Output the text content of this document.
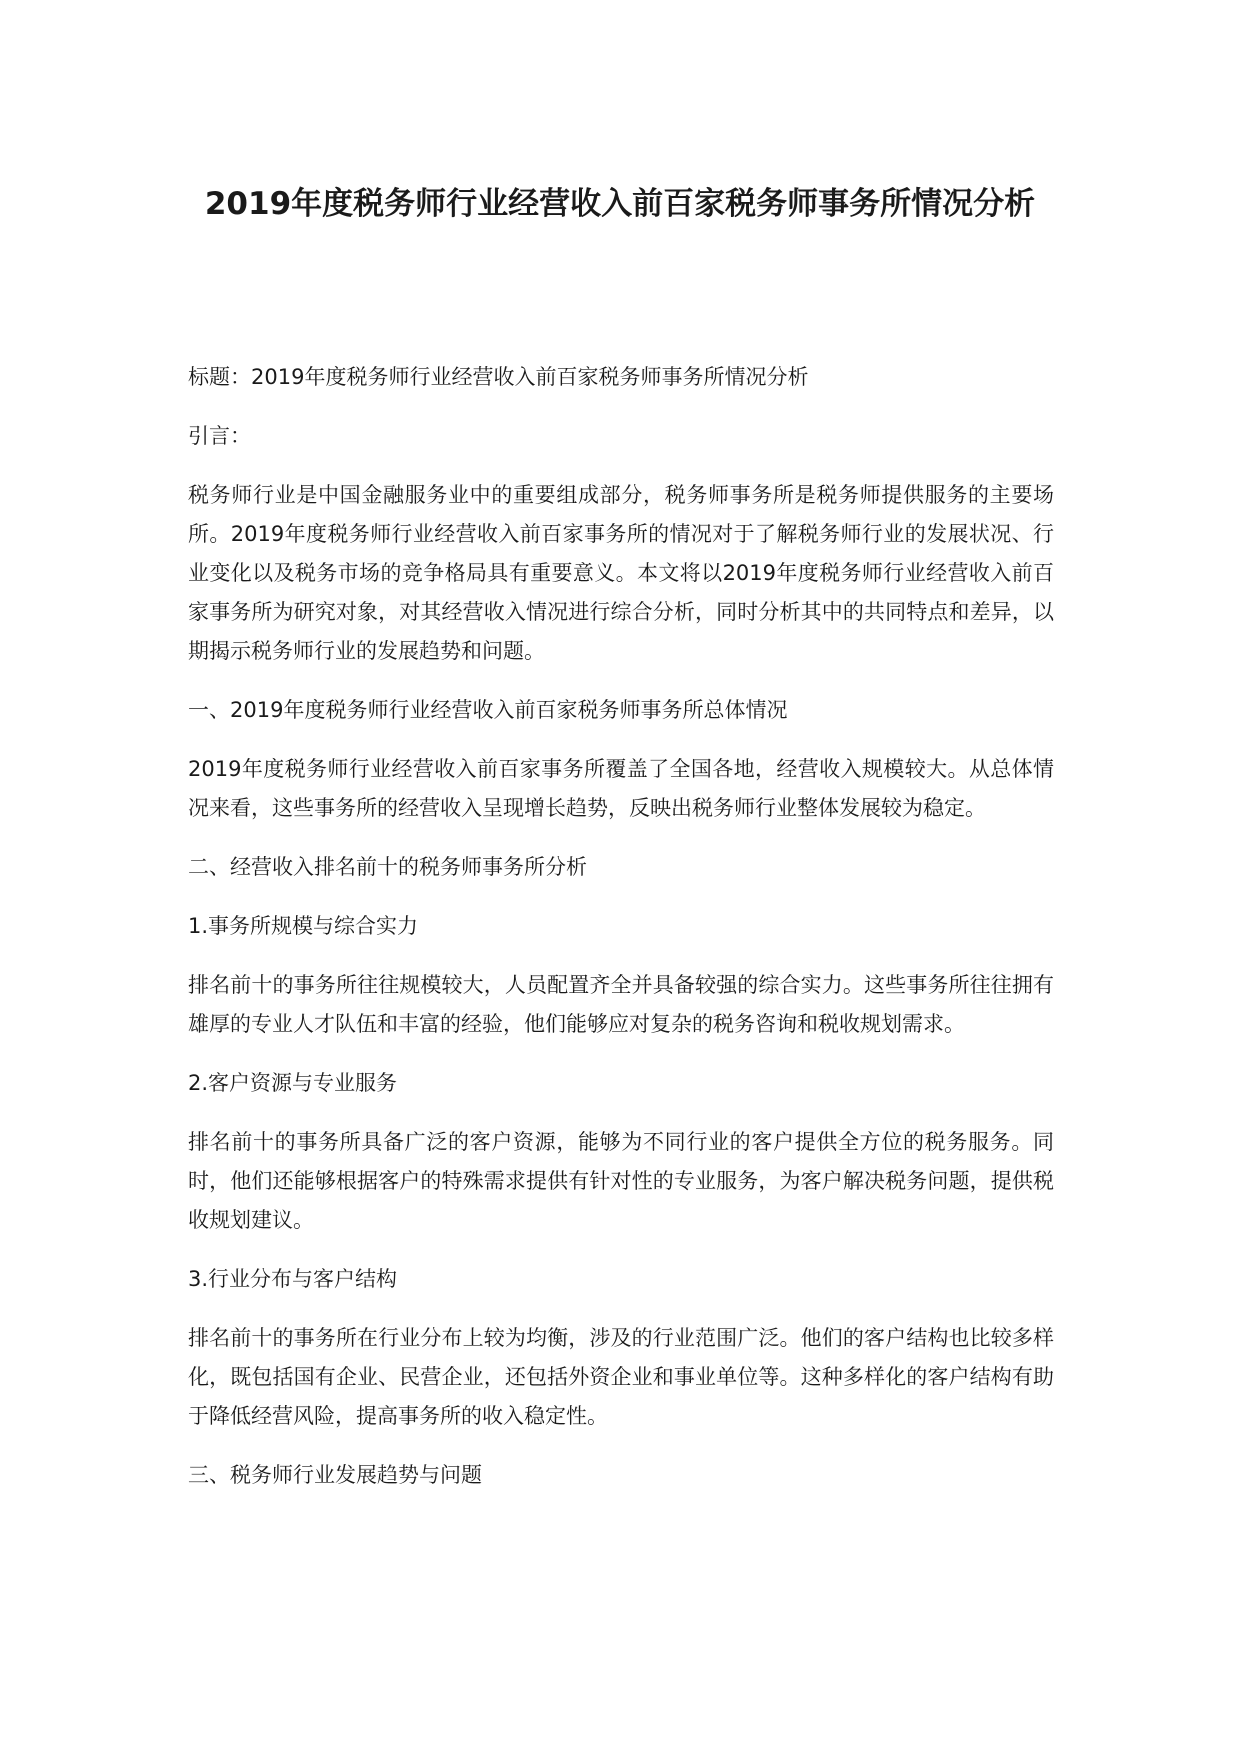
2019年度税务师行业经营收入前百家税务师事务所情况分析

标题：2019年度税务师行业经营收入前百家税务师事务所情况分析

引言：

税务师行业是中国金融服务业中的重要组成部分，税务师事务所是税务师提供服务的主要场所。2019年度税务师行业经营收入前百家事务所的情况对于了解税务师行业的发展状况、行业变化以及税务市场的竞争格局具有重要意义。本文将以2019年度税务师行业经营收入前百家事务所为研究对象，对其经营收入情况进行综合分析，同时分析其中的共同特点和差异，以期揭示税务师行业的发展趋势和问题。

一、2019年度税务师行业经营收入前百家税务师事务所总体情况

2019年度税务师行业经营收入前百家事务所覆盖了全国各地，经营收入规模较大。从总体情况来看，这些事务所的经营收入呈现增长趋势，反映出税务师行业整体发展较为稳定。

二、经营收入排名前十的税务师事务所分析

1.事务所规模与综合实力

排名前十的事务所往往规模较大，人员配置齐全并具备较强的综合实力。这些事务所往往拥有雄厚的专业人才队伍和丰富的经验，他们能够应对复杂的税务咨询和税收规划需求。

2.客户资源与专业服务

排名前十的事务所具备广泛的客户资源，能够为不同行业的客户提供全方位的税务服务。同时，他们还能够根据客户的特殊需求提供有针对性的专业服务，为客户解决税务问题，提供税收规划建议。

3.行业分布与客户结构

排名前十的事务所在行业分布上较为均衡，涉及的行业范围广泛。他们的客户结构也比较多样化，既包括国有企业、民营企业，还包括外资企业和事业单位等。这种多样化的客户结构有助于降低经营风险，提高事务所的收入稳定性。

三、税务师行业发展趋势与问题
